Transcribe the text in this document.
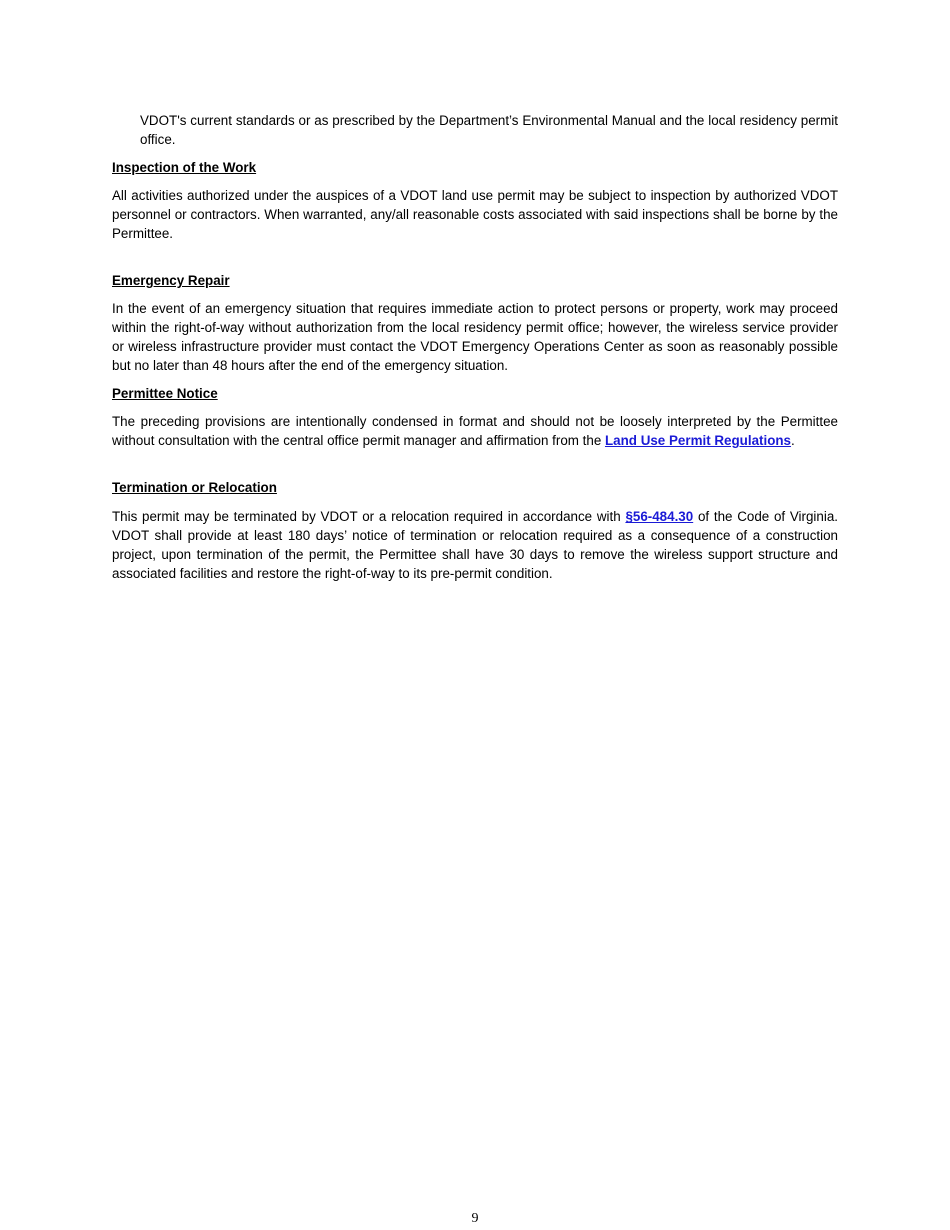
VDOT's current standards or as prescribed by the Department’s Environmental Manual and the local residency permit office.

Inspection of the Work

All activities authorized under the auspices of a VDOT land use permit may be subject to inspection by authorized VDOT personnel or contractors. When warranted, any/all reasonable costs associated with said inspections shall be borne by the Permittee.

Emergency Repair

In the event of an emergency situation that requires immediate action to protect persons or property, work may proceed within the right-of-way without authorization from the local residency permit office; however, the wireless service provider or wireless infrastructure provider must contact the VDOT Emergency Operations Center as soon as reasonably possible but no later than 48 hours after the end of the emergency situation.

Permittee Notice

The preceding provisions are intentionally condensed in format and should not be loosely interpreted by the Permittee without consultation with the central office permit manager and affirmation from the Land Use Permit Regulations.

Termination or Relocation

This permit may be terminated by VDOT or a relocation required in accordance with §56-484.30 of the Code of Virginia. VDOT shall provide at least 180 days’ notice of termination or relocation required as a consequence of a construction project, upon termination of the permit, the Permittee shall have 30 days to remove the wireless support structure and associated facilities and restore the right-of-way to its pre-permit condition.

9
